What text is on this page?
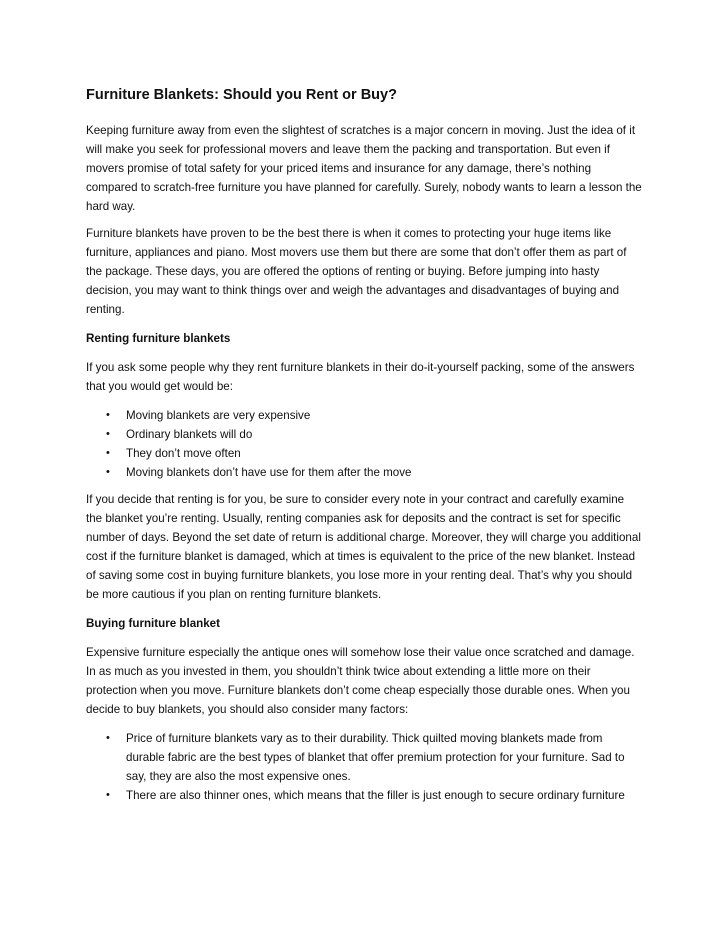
Furniture Blankets: Should you Rent or Buy?

Keeping furniture away from even the slightest of scratches is a major concern in moving. Just the idea of it will make you seek for professional movers and leave them the packing and transportation. But even if movers promise of total safety for your priced items and insurance for any damage, there’s nothing compared to scratch-free furniture you have planned for carefully. Surely, nobody wants to learn a lesson the hard way.

Furniture blankets have proven to be the best there is when it comes to protecting your huge items like furniture, appliances and piano. Most movers use them but there are some that don’t offer them as part of the package. These days, you are offered the options of renting or buying. Before jumping into hasty decision, you may want to think things over and weigh the advantages and disadvantages of buying and renting.

Renting furniture blankets

If you ask some people why they rent furniture blankets in their do-it-yourself packing, some of the answers that you would get would be:

• Moving blankets are very expensive
• Ordinary blankets will do
• They don’t move often
• Moving blankets don’t have use for them after the move

If you decide that renting is for you, be sure to consider every note in your contract and carefully examine the blanket you’re renting. Usually, renting companies ask for deposits and the contract is set for specific number of days. Beyond the set date of return is additional charge. Moreover, they will charge you additional cost if the furniture blanket is damaged, which at times is equivalent to the price of the new blanket. Instead of saving some cost in buying furniture blankets, you lose more in your renting deal. That’s why you should be more cautious if you plan on renting furniture blankets.

Buying furniture blanket

Expensive furniture especially the antique ones will somehow lose their value once scratched and damage. In as much as you invested in them, you shouldn’t think twice about extending a little more on their protection when you move. Furniture blankets don’t come cheap especially those durable ones. When you decide to buy blankets, you should also consider many factors:

• Price of furniture blankets vary as to their durability. Thick quilted moving blankets made from durable fabric are the best types of blanket that offer premium protection for your furniture. Sad to say, they are also the most expensive ones.
• There are also thinner ones, which means that the filler is just enough to secure ordinary furniture
